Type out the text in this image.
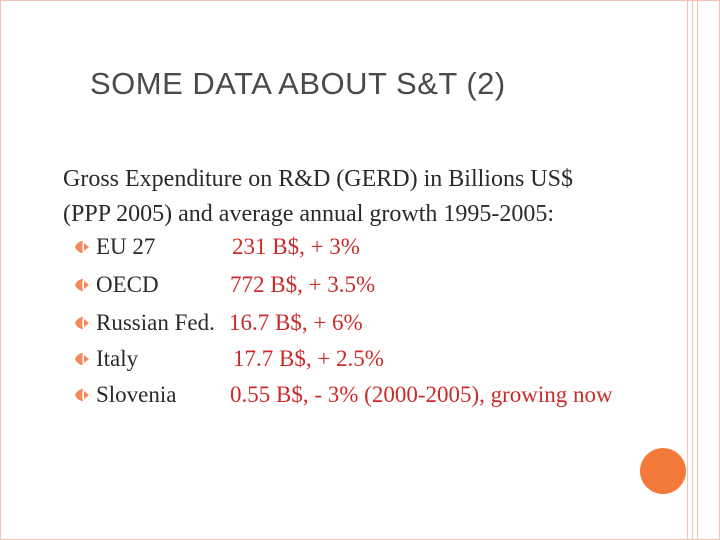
SOME DATA ABOUT S&T (2)
Gross Expenditure on R&D (GERD) in Billions US$
(PPP 2005) and average annual growth 1995-2005:
EU 27	231 B$, + 3%
OECD	772 B$, + 3.5%
Russian Fed. 16.7 B$, + 6%
Italy	17.7 B$, + 2.5%
Slovenia 0.55 B$, - 3% (2000-2005), growing now
